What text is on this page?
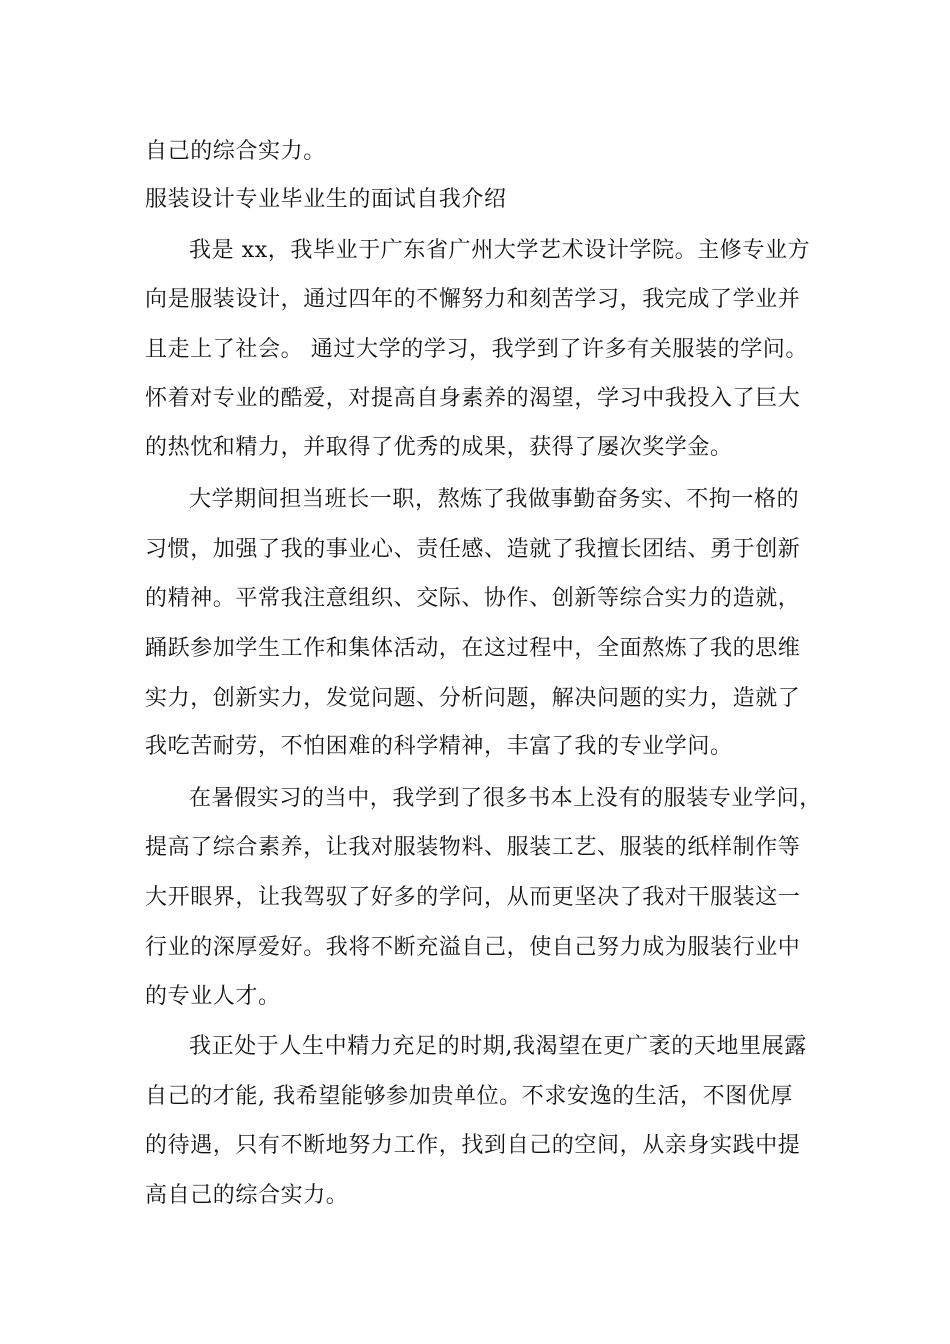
自己的综合实力。
服装设计专业毕业生的面试自我介绍
我是 xx，我毕业于广东省广州大学艺术设计学院。主修专业方
向是服装设计，通过四年的不懈努力和刻苦学习，我完成了学业并
且走上了社会。 通过大学的学习，我学到了许多有关服装的学问。
怀着对专业的酷爱，对提高自身素养的渴望，学习中我投入了巨大
的热忱和精力，并取得了优秀的成果，获得了屡次奖学金。
大学期间担当班长一职，熬炼了我做事勤奋务实、不拘一格的
习惯，加强了我的事业心、责任感、造就了我擅长团结、勇于创新
的精神。平常我注意组织、交际、协作、创新等综合实力的造就，
踊跃参加学生工作和集体活动，在这过程中，全面熬炼了我的思维
实力，创新实力，发觉问题、分析问题，解决问题的实力，造就了
我吃苦耐劳，不怕困难的科学精神，丰富了我的专业学问。
在暑假实习的当中，我学到了很多书本上没有的服装专业学问，
提高了综合素养，让我对服装物料、服装工艺、服装的纸样制作等
大开眼界，让我驾驭了好多的学问，从而更坚决了我对干服装这一
行业的深厚爱好。我将不断充溢自己，使自己努力成为服装行业中
的专业人才。
我正处于人生中精力充足的时期,我渴望在更广袤的天地里展露
自己的才能, 我希望能够参加贵单位。不求安逸的生活，不图优厚
的待遇，只有不断地努力工作，找到自己的空间，从亲身实践中提
高自己的综合实力。
